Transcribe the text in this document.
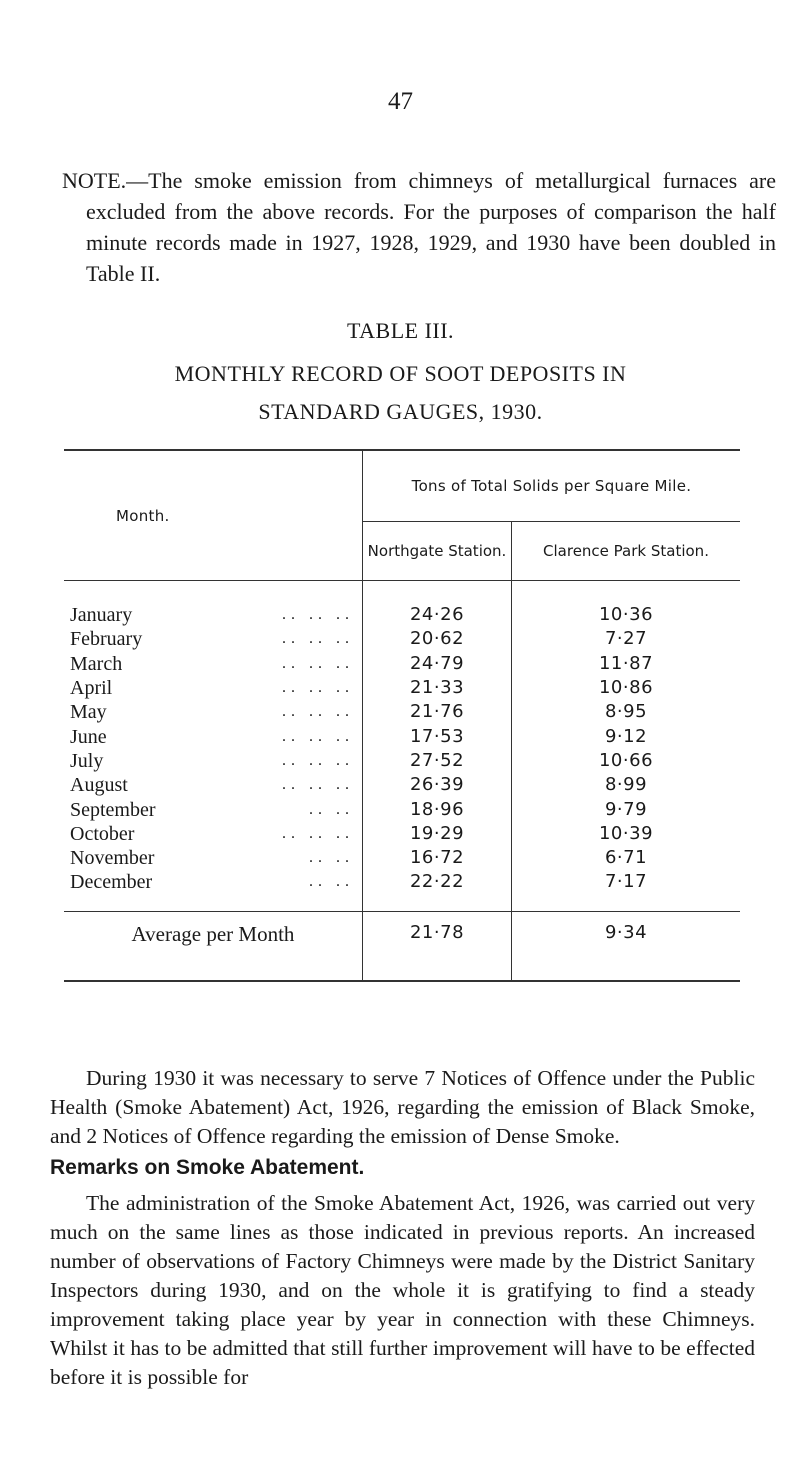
47

NOTE.—The smoke emission from chimneys of metallurgical furnaces are excluded from the above records. For the purposes of comparison the half minute records made in 1927, 1928, 1929, and 1930 have been doubled in Table II.

TABLE III.
MONTHLY RECORD OF SOOT DEPOSITS IN
STANDARD GAUGES, 1930.
Month.	Tons of Total Solids per Square Mile.	
	Northgate Station.	Clarence Park Station.

January .. .. ..	24·26	10·36
February .. .. ..	20·62	7·27
March .. .. ..	24·79	11·87
April .. .. ..	21·33	10·86
May .. .. ..	21·76	8·95
June .. .. ..	17·53	9·12
July .. .. ..	27·52	10·66
August .. .. ..	26·39	8·99
September .. ..	18·96	9·79
October .. .. ..	19·29	10·39
November .. ..	16·72	6·71
December .. ..	22·22	7·17

Average per Month	21·78	9·34

During 1930 it was necessary to serve 7 Notices of Offence under the Public Health (Smoke Abatement) Act, 1926, regarding the emission of Black Smoke, and 2 Notices of Offence regarding the emission of Dense Smoke.

Remarks on Smoke Abatement.

The administration of the Smoke Abatement Act, 1926, was carried out very much on the same lines as those indicated in previous reports. An increased number of observations of Factory Chimneys were made by the District Sanitary Inspectors during 1930, and on the whole it is gratifying to find a steady improvement taking place year by year in connection with these Chimneys. Whilst it has to be admitted that still further improvement will have to be effected before it is possible for
